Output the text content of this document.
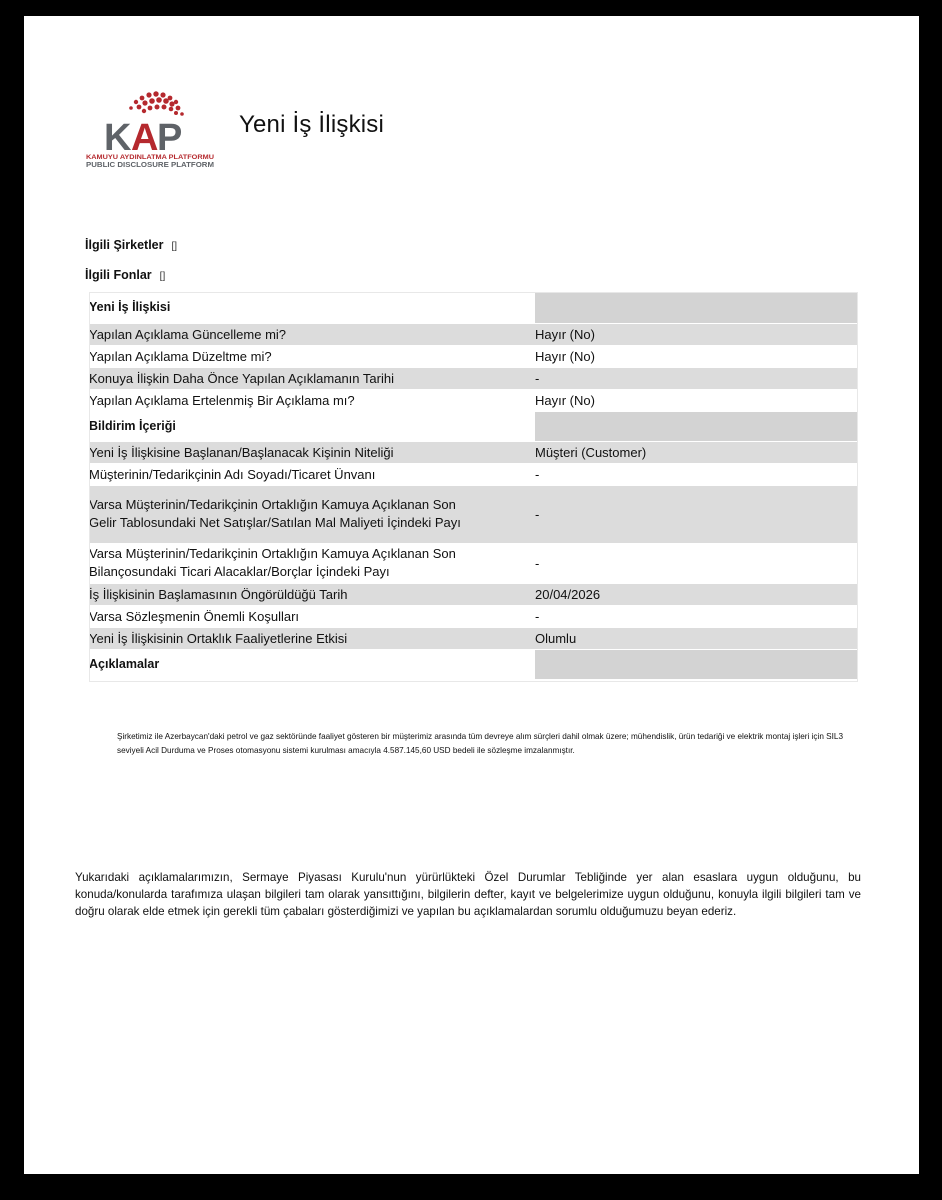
K A P
KAMUYU AYDINLATMA PLATFORMU
PUBLIC DISCLOSURE PLATFORM
Yeni İş İlişkisi
İlgili Şirketler []
İlgili Fonlar []
Yeni İş İlişkisi	
Yapılan Açıklama Güncelleme mi?	Hayır (No)
Yapılan Açıklama Düzeltme mi?	Hayır (No)
Konuya İlişkin Daha Önce Yapılan Açıklamanın Tarihi	-
Yapılan Açıklama Ertelenmiş Bir Açıklama mı?	Hayır (No)
Bildirim İçeriği	
Yeni İş İlişkisine Başlanan/Başlanacak Kişinin Niteliği	Müşteri (Customer)
Müşterinin/Tedarikçinin Adı Soyadı/Ticaret Ünvanı	-
Varsa Müşterinin/Tedarikçinin Ortaklığın Kamuya Açıklanan Son Gelir Tablosundaki Net Satışlar/Satılan Mal Maliyeti İçindeki Payı	-
Varsa Müşterinin/Tedarikçinin Ortaklığın Kamuya Açıklanan Son Bilançosundaki Ticari Alacaklar/Borçlar İçindeki Payı	-
İş İlişkisinin Başlamasının Öngörüldüğü Tarih	20/04/2026
Varsa Sözleşmenin Önemli Koşulları	-
Yeni İş İlişkisinin Ortaklık Faaliyetlerine Etkisi	Olumlu
Açıklamalar	
Şirketimiz ile Azerbaycan'daki petrol ve gaz sektöründe faaliyet gösteren bir müşterimiz arasında tüm devreye alım sürçleri dahil olmak üzere; mühendislik, ürün tedariği ve elektrik montaj işleri için SIL3 seviyeli Acil Durduma ve Proses otomasyonu sistemi kurulması amacıyla 4.587.145,60 USD bedeli ile sözleşme imzalanmıştır.
Yukarıdaki açıklamalarımızın, Sermaye Piyasası Kurulu'nun yürürlükteki Özel Durumlar Tebliğinde yer alan esaslara uygun olduğunu, bu konuda/konularda tarafımıza ulaşan bilgileri tam olarak yansıttığını, bilgilerin defter, kayıt ve belgelerimize uygun olduğunu, konuyla ilgili bilgileri tam ve doğru olarak elde etmek için gerekli tüm çabaları gösterdiğimizi ve yapılan bu açıklamalardan sorumlu olduğumuzu beyan ederiz.
